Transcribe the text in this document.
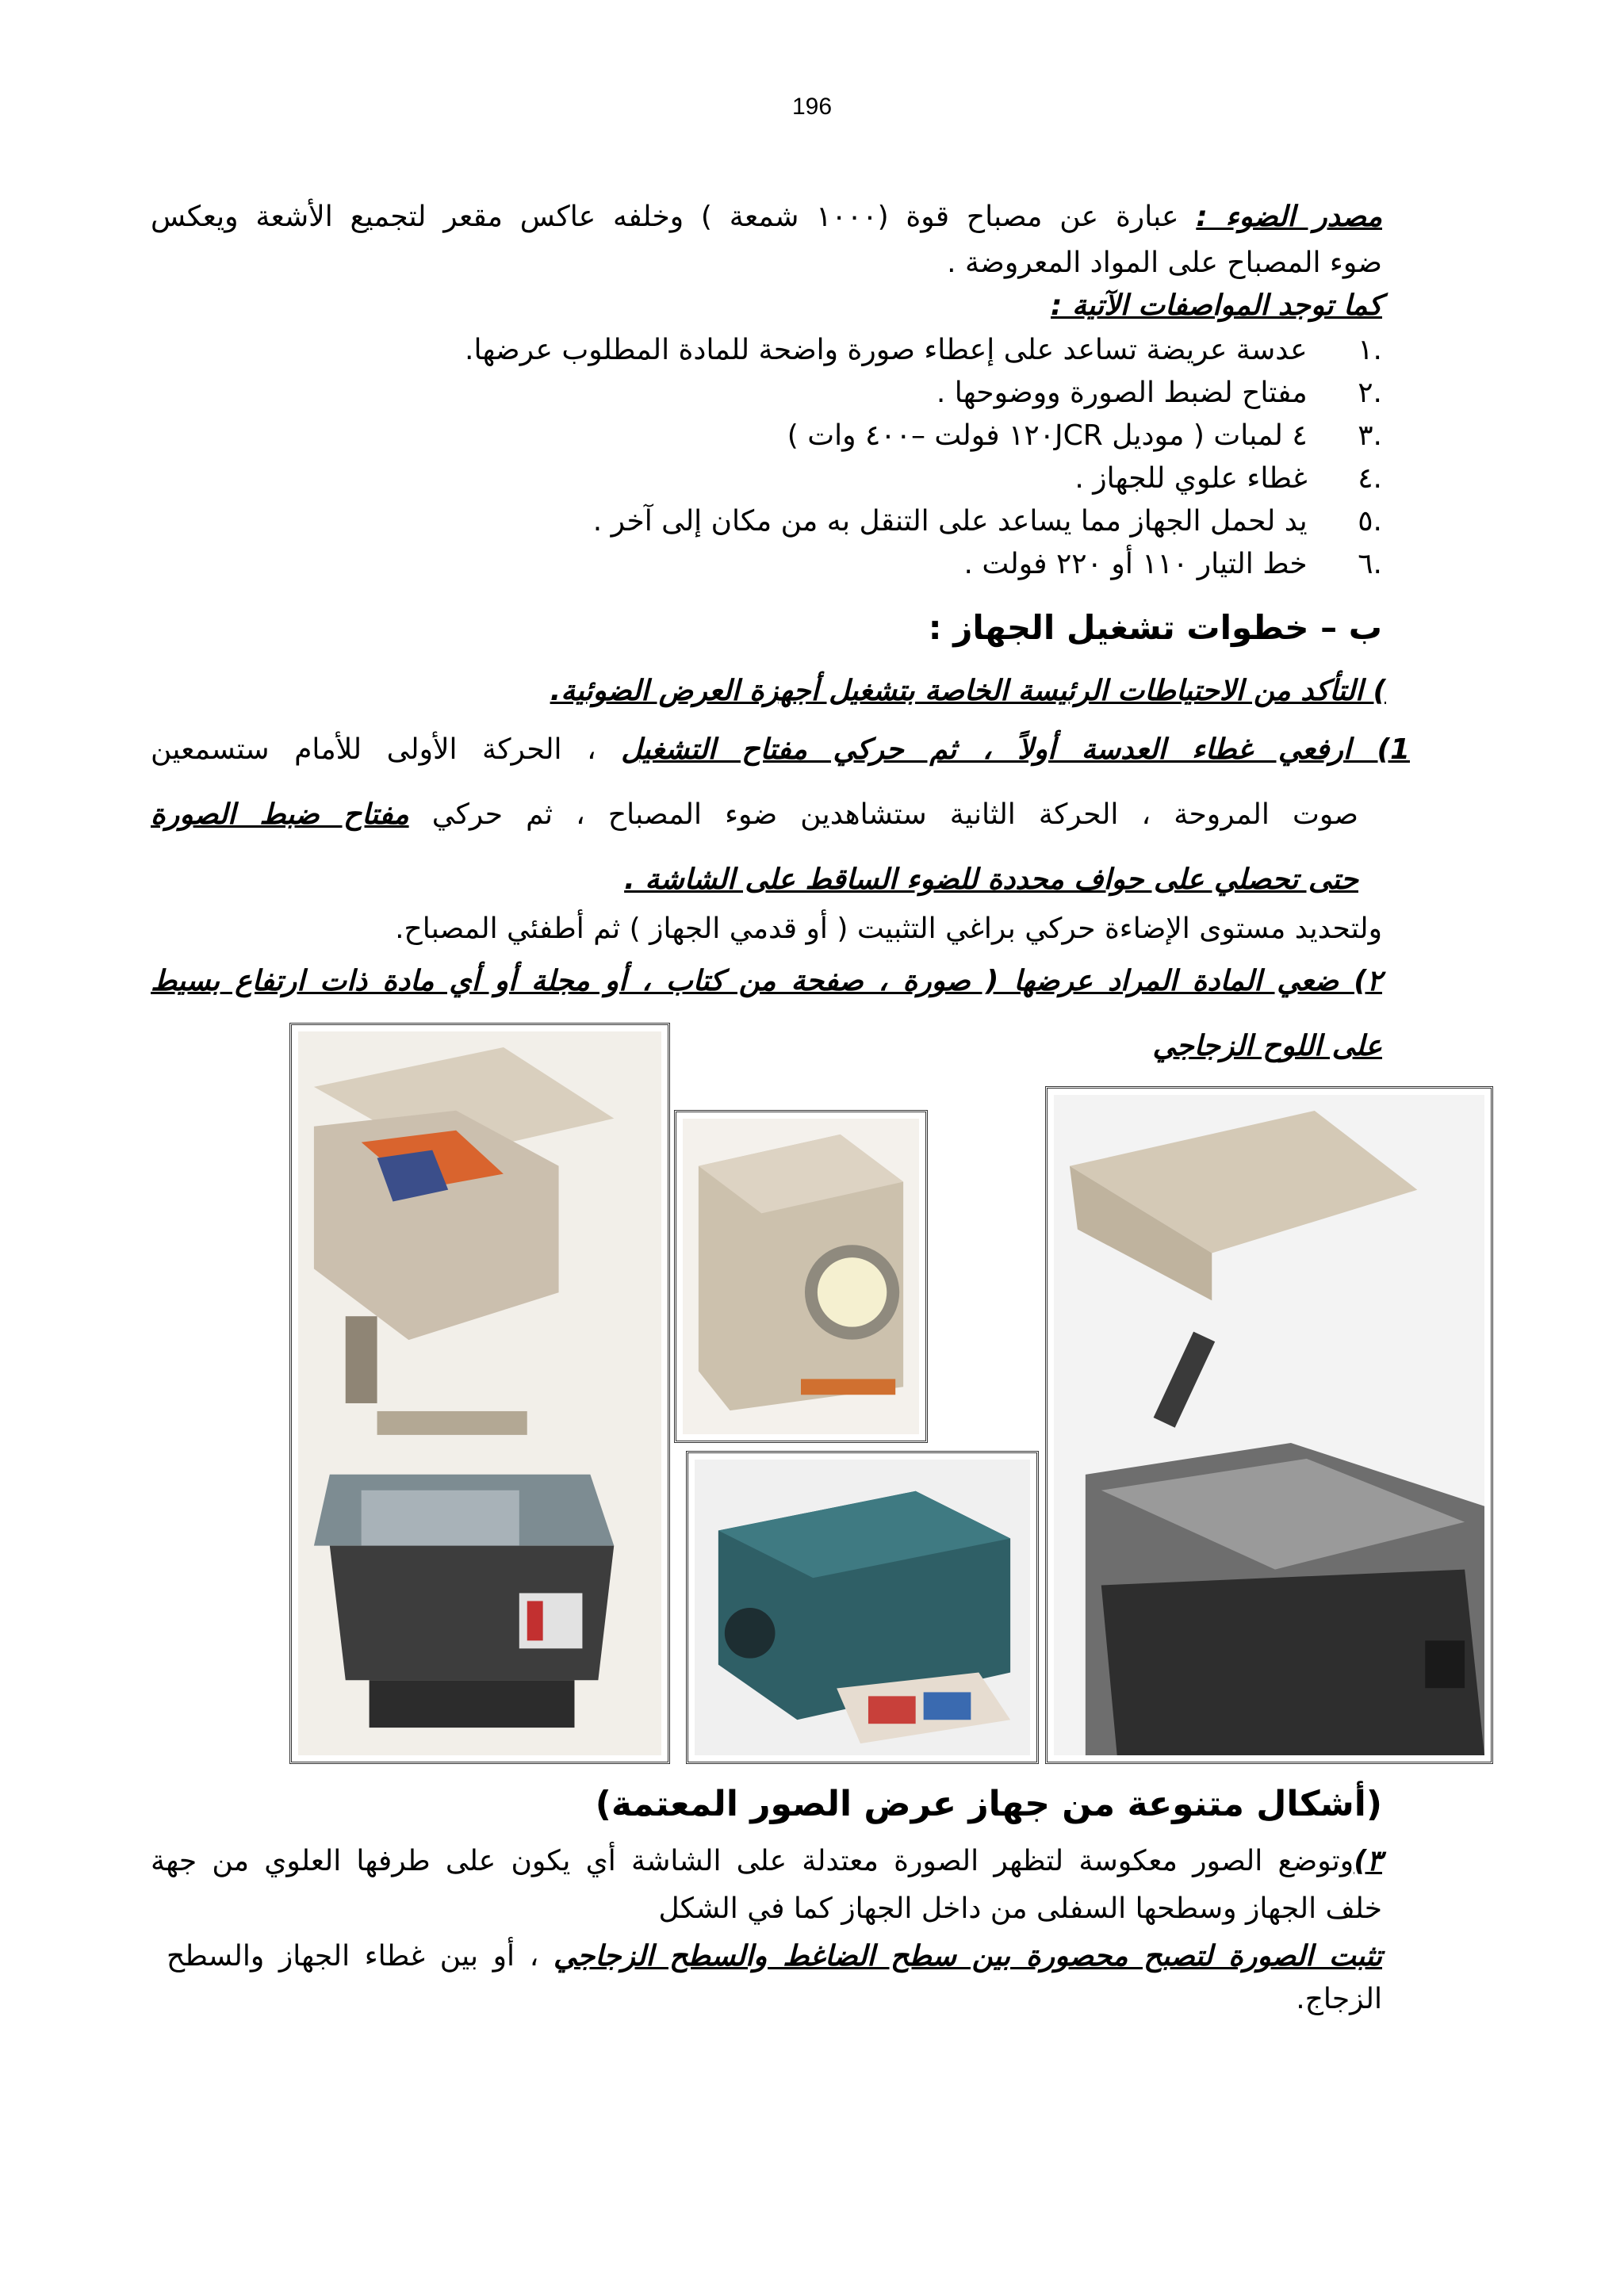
196
مصدر الضوء : عبارة عن مصباح قوة (١٠٠٠ شمعة ) وخلفه عاكس مقعر لتجميع الأشعة ويعكس
ضوء المصباح على المواد المعروضة .
كما توجد المواصفات الآتية :
.١   عدسة عريضة تساعد على إعطاء صورة واضحة للمادة المطلوب عرضها.
.٢   مفتاح لضبط الصورة ووضوحها .
.٣   ٤ لمبات ( موديل ١٢٠JCR فولت –٤٠٠ وات )
.٤   غطاء علوي للجهاز .
.٥   يد لحمل الجهاز مما يساعد على التنقل به من مكان إلى آخر .
.٦   خط التيار ١١٠ أو ٢٢٠ فولت .
ب – خطوات تشغيل الجهاز :
) التأكد من الاحتياطات الرئيسة الخاصة بتشغيل أجهزة العرض الضوئية.
1) ارفعي غطاء العدسة أولاً ، ثم حركي مفتاح التشغيل ، الحركة الأولى للأمام ستسمعين
صوت المروحة ، الحركة الثانية ستشاهدين ضوء المصباح ، ثم حركي مفتاح ضبط الصورة
حتى تحصلي على حواف محددة للضوء الساقط على الشاشة .
ولتحديد مستوى الإضاءة حركي براغي التثبيت ( أو قدمي الجهاز ) ثم أطفئي المصباح.
٢) ضعي المادة المراد عرضها ( صورة ، صفحة من كتاب ، أو مجلة أو أي مادة ذات ارتفاع بسيط
على اللوح الزجاجي
(أشكال متنوعة من جهاز عرض الصور المعتمة)
٣)وتوضع الصور معكوسة لتظهر الصورة معتدلة على الشاشة أي يكون على طرفها العلوي من جهة
خلف الجهاز وسطحها السفلى من داخل الجهاز كما في الشكل
تثبت الصورة لتصبح محصورة بين سطح الضاغط والسطح الزجاجي ، أو بين غطاء الجهاز والسطح
الزجاج.
